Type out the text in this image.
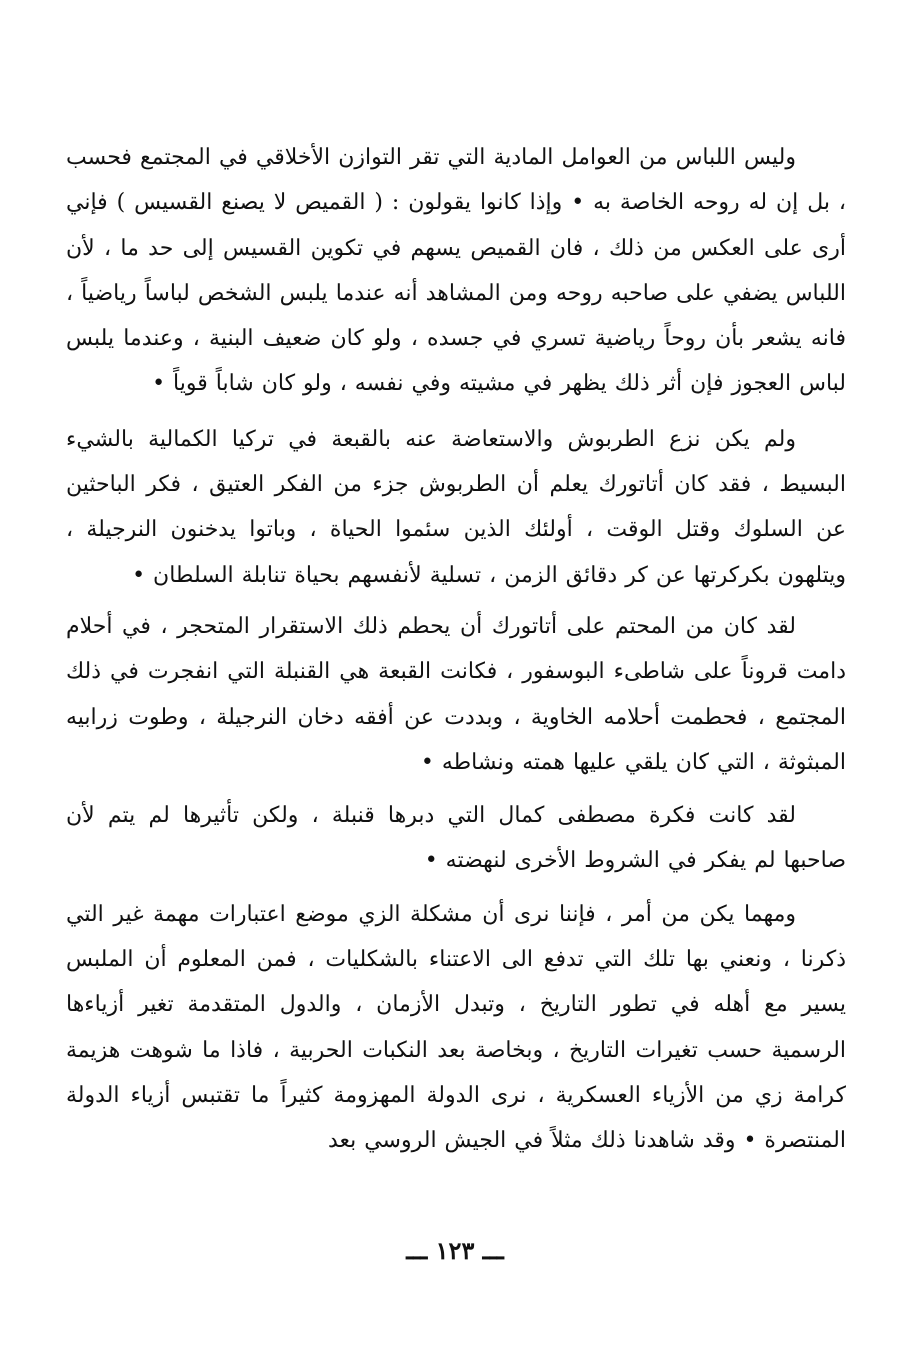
وليس اللباس من العوامل المادية التي تقر التوازن الأخلاقي في المجتمع فحسب ، بل إن له روحه الخاصة به • وإذا كانوا يقولون : ( القميص لا يصنع القسيس ) فإني أرى على العكس من ذلك ، فان القميص يسهم في تكوين القسيس إلى حد ما ، لأن اللباس يضفي على صاحبه روحه ومن المشاهد أنه عندما يلبس الشخص لباساً رياضياً ، فانه يشعر بأن روحاً رياضية تسري في جسده ، ولو كان ضعيف البنية ، وعندما يلبس لباس العجوز فإن أثر ذلك يظهر في مشيته وفي نفسه ، ولو كان شاباً قوياً •

ولم يكن نزع الطربوش والاستعاضة عنه بالقبعة في تركيا الكمالية بالشيء البسيط ، فقد كان أتاتورك يعلم أن الطربوش جزء من الفكر العتيق ، فكر الباحثين عن السلوك وقتل الوقت ، أولئك الذين سئموا الحياة ، وباتوا يدخنون النرجيلة ، ويتلهون بكركرتها عن كر دقائق الزمن ، تسلية لأنفسهم بحياة تنابلة السلطان •

لقد كان من المحتم على أتاتورك أن يحطم ذلك الاستقرار المتحجر ، في أحلام دامت قروناً على شاطىء البوسفور ، فكانت القبعة هي القنبلة التي انفجرت في ذلك المجتمع ، فحطمت أحلامه الخاوية ، وبددت عن أفقه دخان النرجيلة ، وطوت زرابيه المبثوثة ، التي كان يلقي عليها همته ونشاطه •

لقد كانت فكرة مصطفى كمال التي دبرها قنبلة ، ولكن تأثيرها لم يتم لأن صاحبها لم يفكر في الشروط الأخرى لنهضته •

ومهما يكن من أمر ، فإننا نرى أن مشكلة الزي موضع اعتبارات مهمة غير التي ذكرنا ، ونعني بها تلك التي تدفع الى الاعتناء بالشكليات ، فمن المعلوم أن الملبس يسير مع أهله في تطور التاريخ ، وتبدل الأزمان ، والدول المتقدمة تغير أزياءها الرسمية حسب تغيرات التاريخ ، وبخاصة بعد النكبات الحربية ، فاذا ما شوهت هزيمة كرامة زي من الأزياء العسكرية ، نرى الدولة المهزومة كثيراً ما تقتبس أزياء الدولة المنتصرة • وقد شاهدنا ذلك مثلاً في الجيش الروسي بعد

ـــ ١٢٣ ـــ
